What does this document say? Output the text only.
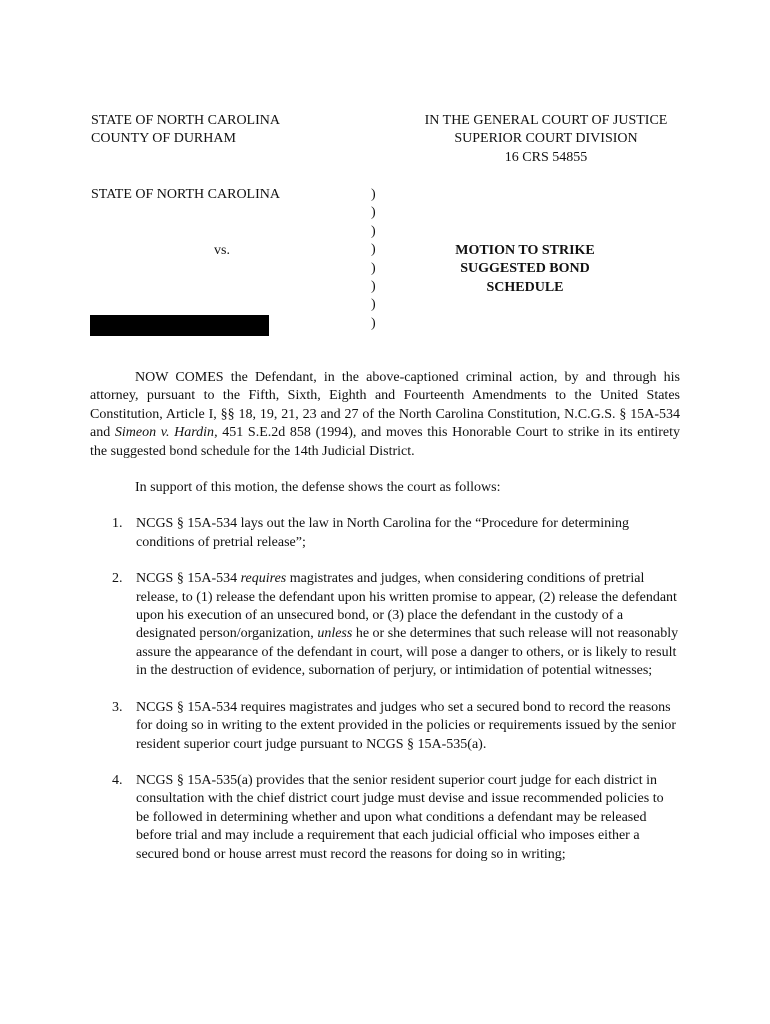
STATE OF NORTH CAROLINA
COUNTY OF DURHAM
IN THE GENERAL COURT OF JUSTICE
SUPERIOR COURT DIVISION
16 CRS 54855
STATE OF NORTH CAROLINA
vs.
)
)
)
)
)
)
)
)
MOTION TO STRIKE
SUGGESTED BOND
SCHEDULE

NOW COMES the Defendant, in the above-captioned criminal action, by and through his attorney, pursuant to the Fifth, Sixth, Eighth and Fourteenth Amendments to the United States Constitution, Article I, §§ 18, 19, 21, 23 and 27 of the North Carolina Constitution, N.C.G.S. § 15A-534 and Simeon v. Hardin, 451 S.E.2d 858 (1994), and moves this Honorable Court to strike in its entirety the suggested bond schedule for the 14th Judicial District.

In support of this motion, the defense shows the court as follows:

1. NCGS § 15A-534 lays out the law in North Carolina for the “Procedure for determining conditions of pretrial release”;
2. NCGS § 15A-534 requires magistrates and judges, when considering conditions of pretrial release, to (1) release the defendant upon his written promise to appear, (2) release the defendant upon his execution of an unsecured bond, or (3) place the defendant in the custody of a designated person/organization, unless he or she determines that such release will not reasonably assure the appearance of the defendant in court, will pose a danger to others, or is likely to result in the destruction of evidence, subornation of perjury, or intimidation of potential witnesses;
3. NCGS § 15A-534 requires magistrates and judges who set a secured bond to record the reasons for doing so in writing to the extent provided in the policies or requirements issued by the senior resident superior court judge pursuant to NCGS § 15A-535(a).
4. NCGS § 15A-535(a) provides that the senior resident superior court judge for each district in consultation with the chief district court judge must devise and issue recommended policies to be followed in determining whether and upon what conditions a defendant may be released before trial and may include a requirement that each judicial official who imposes either a secured bond or house arrest must record the reasons for doing so in writing;
